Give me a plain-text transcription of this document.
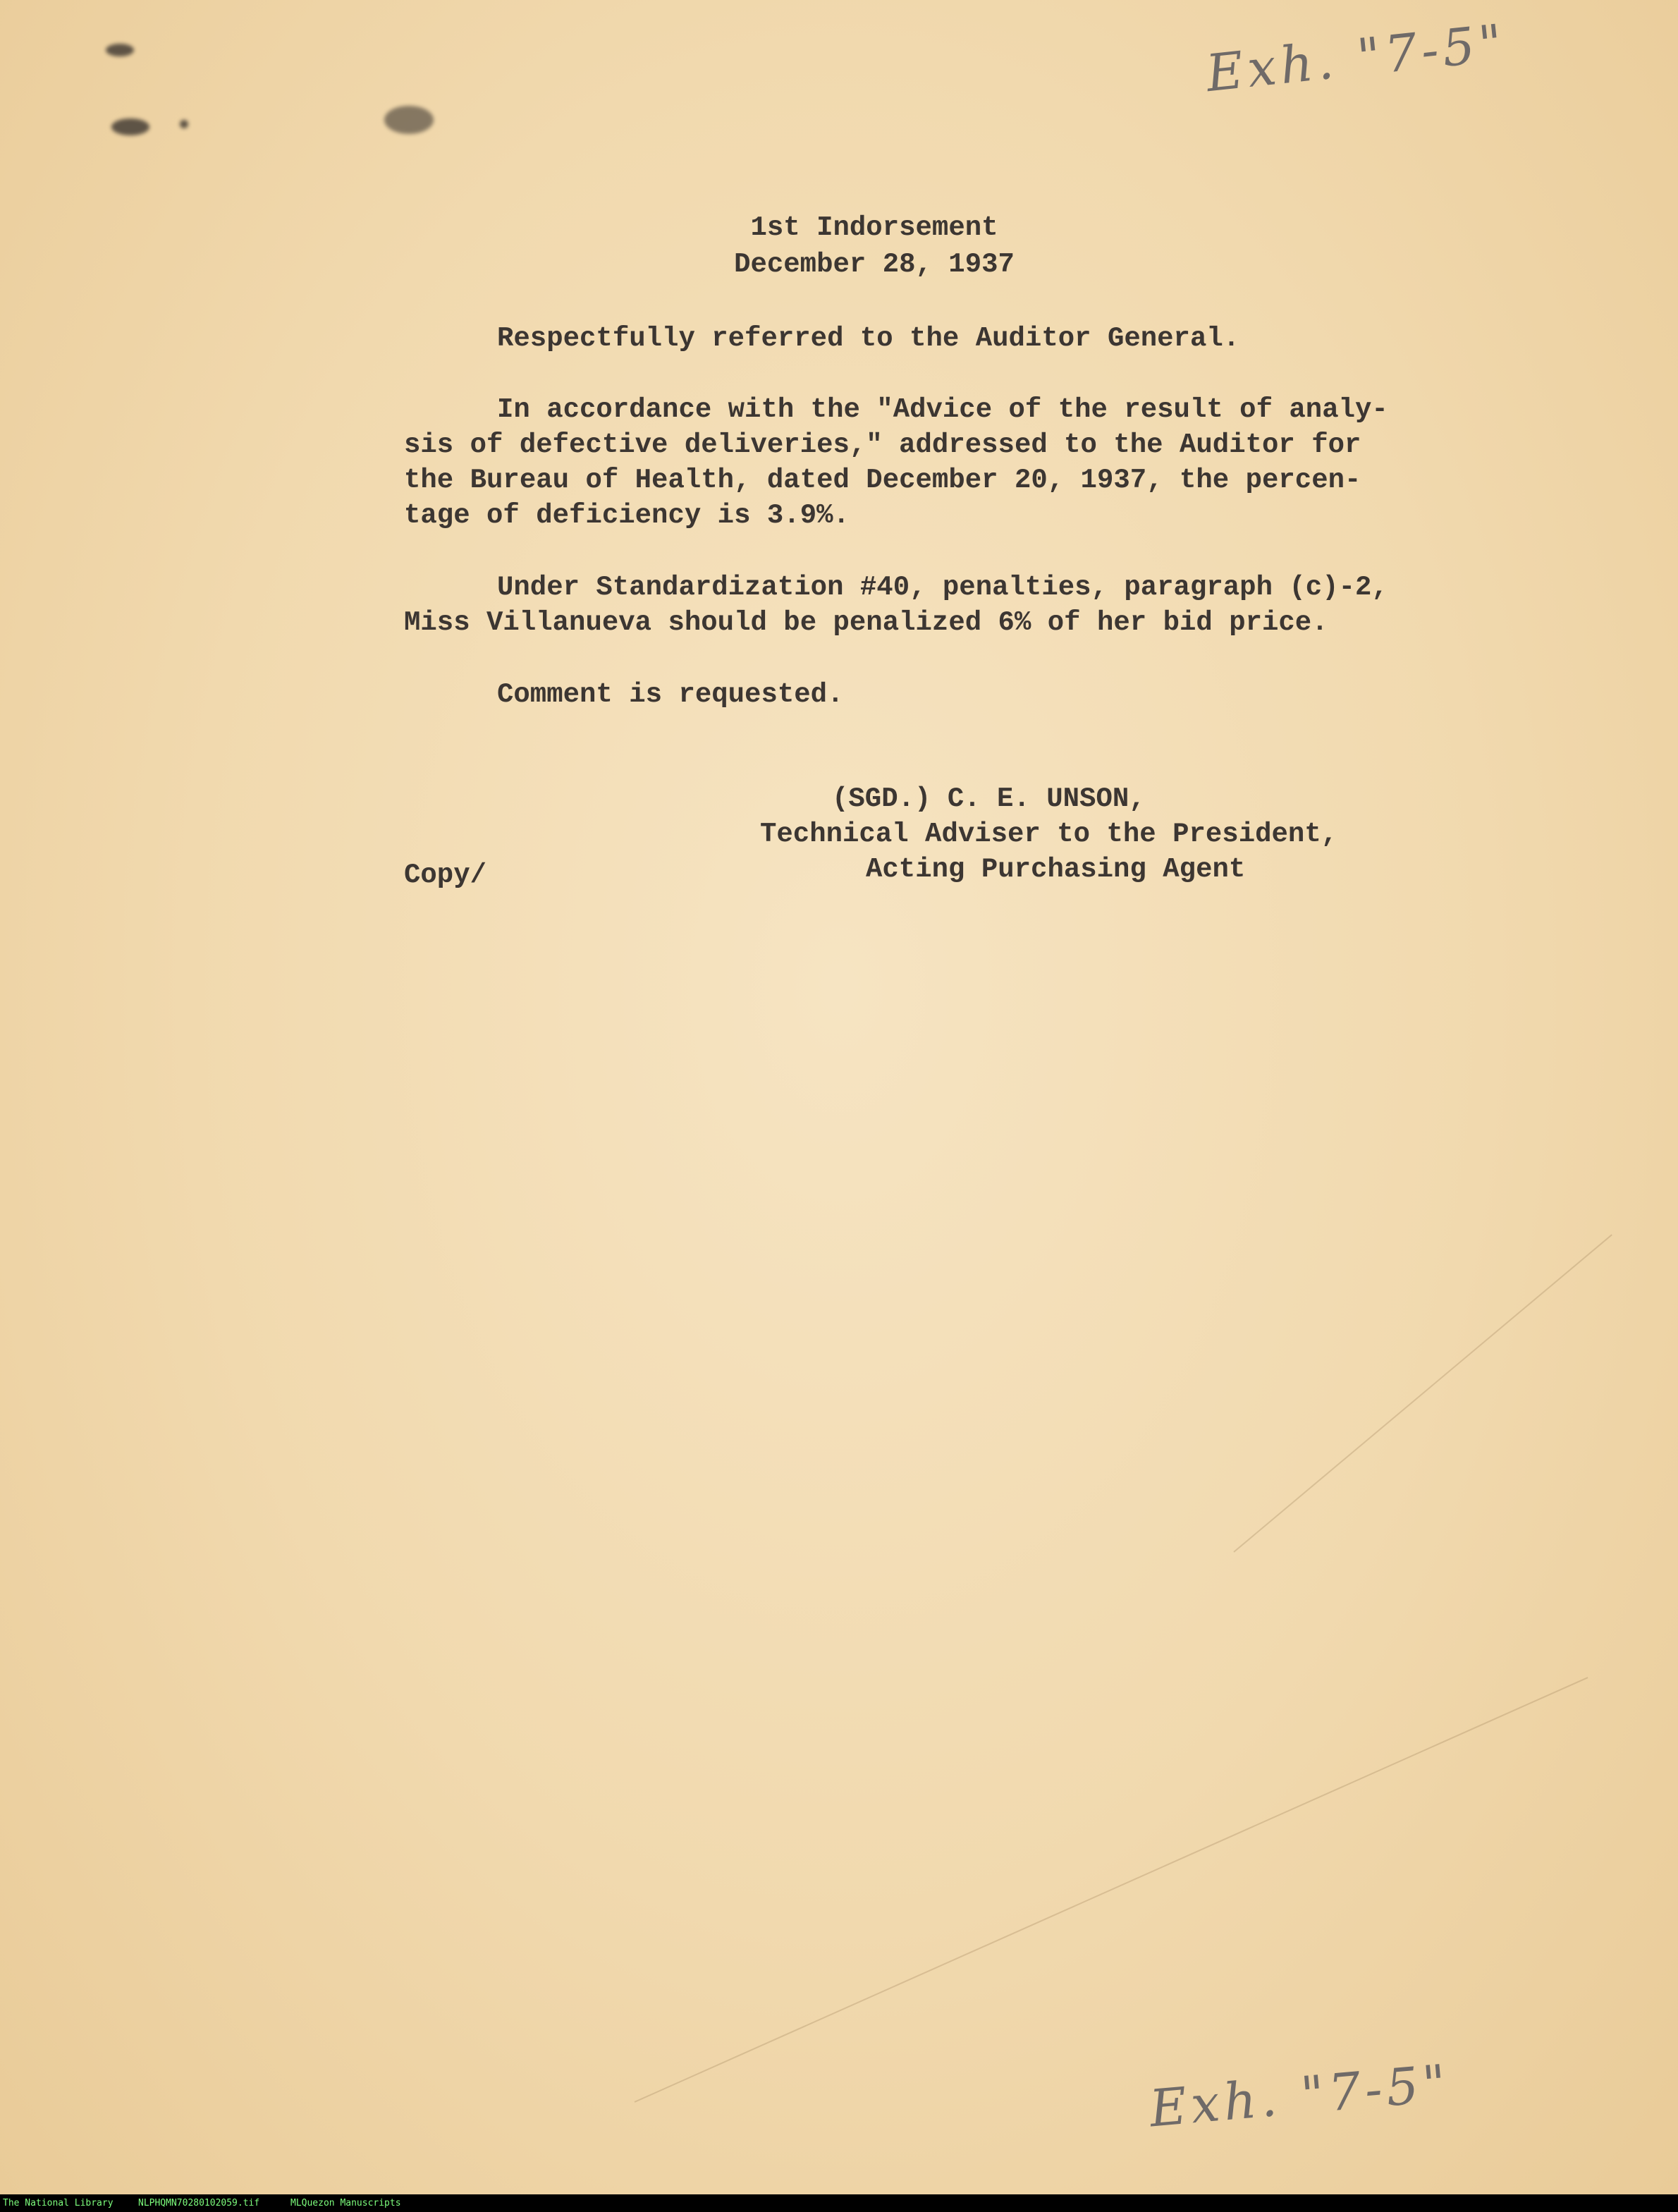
Exh. "7-5"
Exh. "7-5"
1st Indorsement
December 28, 1937
Respectfully referred to the Auditor General.
In accordance with the "Advice of the result of analy-
sis of defective deliveries," addressed to the Auditor for
the Bureau of Health, dated December 20, 1937, the percen-
tage of deficiency is 3.9%.
Under Standardization #40, penalties, paragraph (c)-2,
Miss Villanueva should be penalized 6% of her bid price.
Comment is requested.
(SGD.) C. E. UNSON,
Technical Adviser to the President,
Acting Purchasing Agent
Copy/
The National Library	NLPHQMN70280102059.tif	MLQuezon Manuscripts
